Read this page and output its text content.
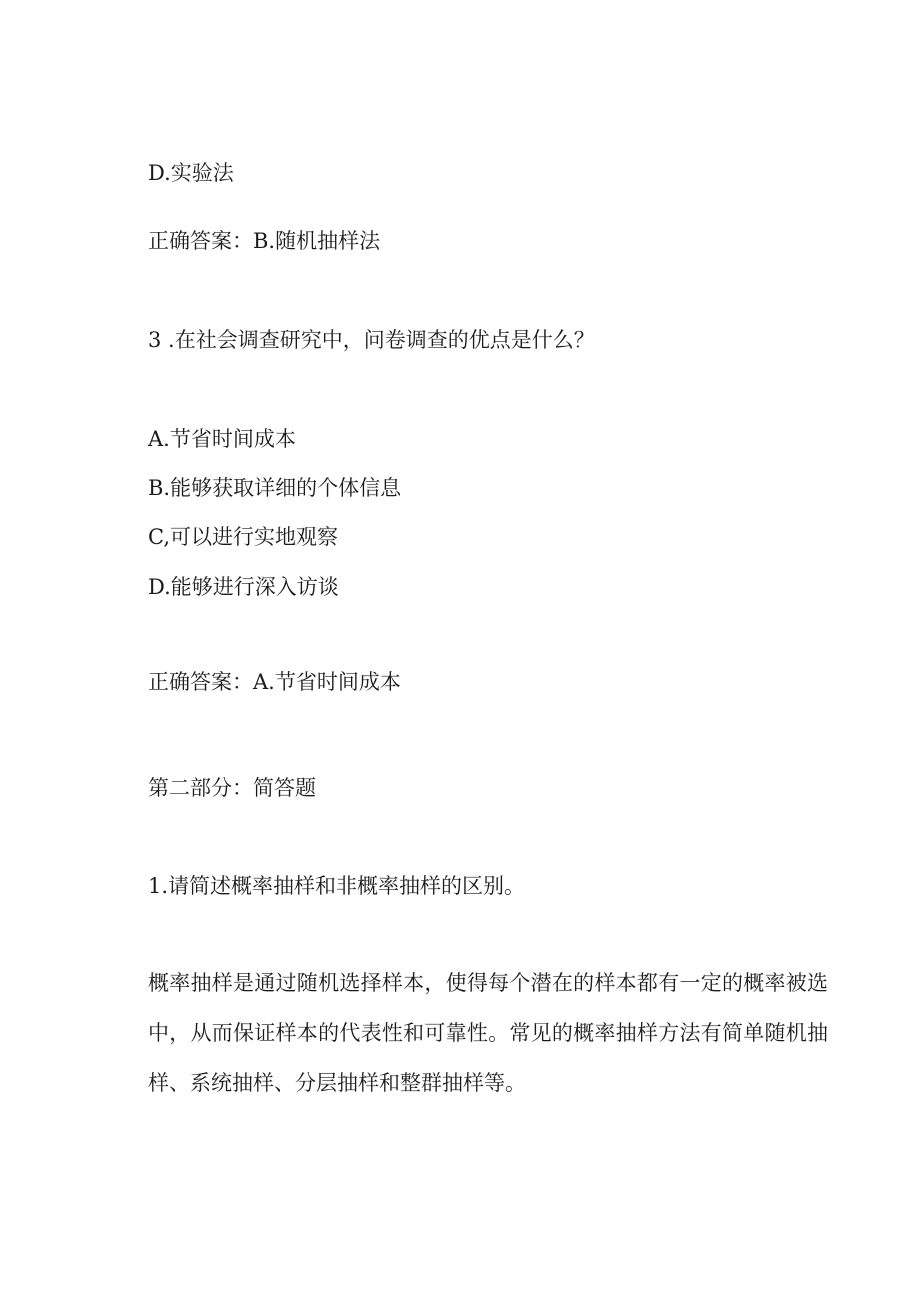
D.实验法

正确答案：B.随机抽样法

3 .在社会调查研究中，问卷调查的优点是什么？

A.节省时间成本

B.能够获取详细的个体信息

C,可以进行实地观察

D.能够进行深入访谈

正确答案：A.节省时间成本

第二部分：简答题

1.请简述概率抽样和非概率抽样的区别。

概率抽样是通过随机选择样本，使得每个潜在的样本都有一定的概率被选中，从而保证样本的代表性和可靠性。常见的概率抽样方法有简单随机抽样、系统抽样、分层抽样和整群抽样等。
